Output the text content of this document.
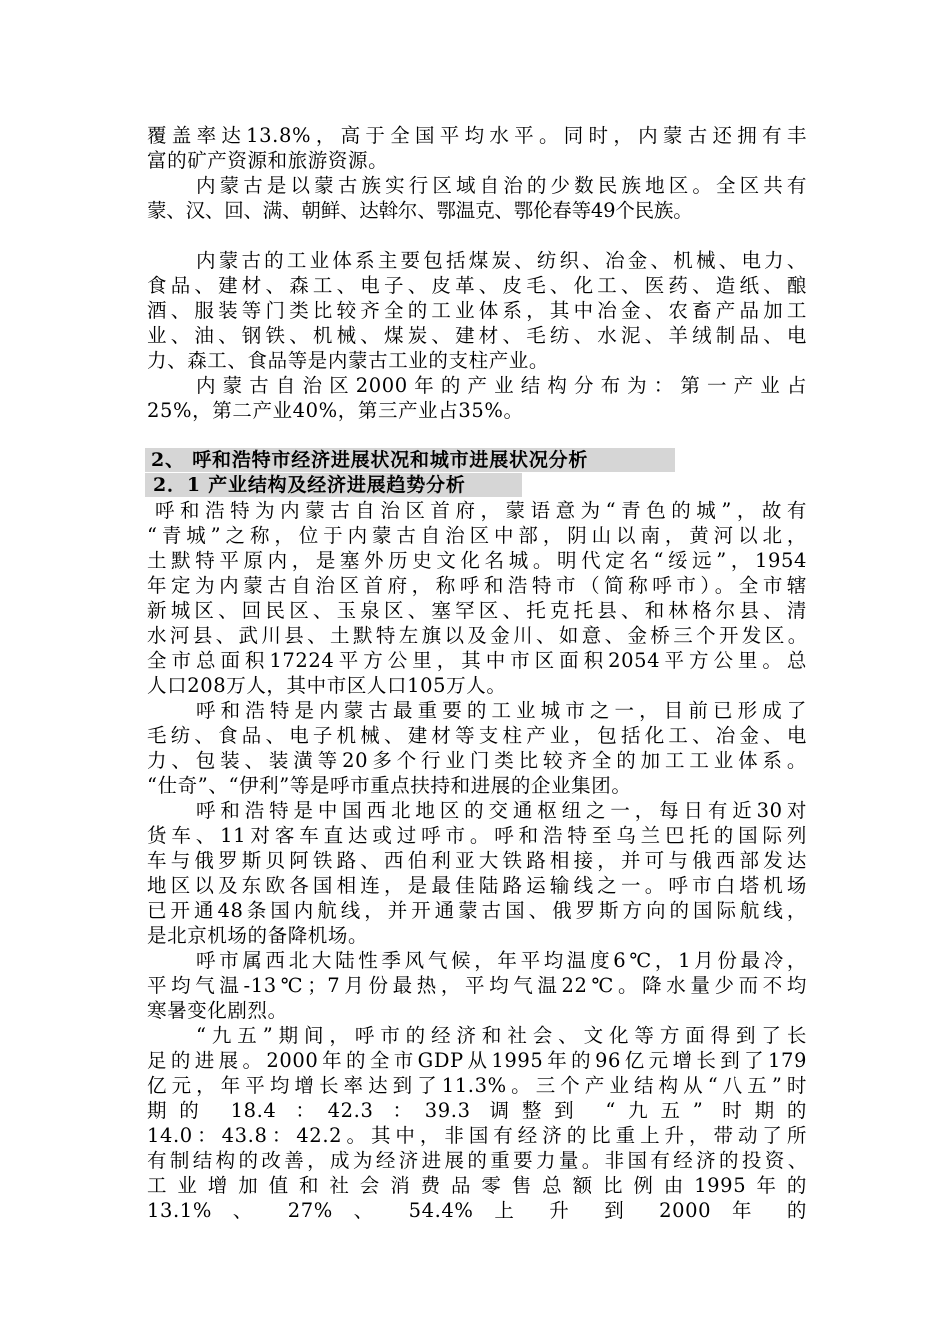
覆盖率达13.8%，高于全国平均水平。同时，内蒙古还拥有丰
富的矿产资源和旅游资源。
内蒙古是以蒙古族实行区域自治的少数民族地区。全区共有
蒙、汉、回、满、朝鲜、达斡尔、鄂温克、鄂伦春等49个民族。
内蒙古的工业体系主要包括煤炭、纺织、冶金、机械、电力、
食品、建材、森工、电子、皮革、皮毛、化工、医药、造纸、酿
酒、服装等门类比较齐全的工业体系，其中冶金、农畜产品加工
业、油、钢铁、机械、煤炭、建材、毛纺、水泥、羊绒制品、电
力、森工、食品等是内蒙古工业的支柱产业。
内蒙古自治区2000年的产业结构分布为：第一产业占
25%，第二产业40%，第三产业占35%。
2、 呼和浩特市经济进展状况和城市进展状况分析
2．1 产业结构及经济进展趋势分析
呼和浩特为内蒙古自治区首府，蒙语意为“青色的城”，故有
“青城”之称，位于内蒙古自治区中部，阴山以南，黄河以北，
土默特平原内，是塞外历史文化名城。明代定名“绥远”，1954
年定为内蒙古自治区首府，称呼和浩特市（简称呼市）。全市辖
新城区、回民区、玉泉区、塞罕区、托克托县、和林格尔县、清
水河县、武川县、土默特左旗以及金川、如意、金桥三个开发区。
全市总面积17224平方公里，其中市区面积2054平方公里。总
人口208万人，其中市区人口105万人。
呼和浩特是内蒙古最重要的工业城市之一，目前已形成了
毛纺、食品、电子机械、建材等支柱产业，包括化工、冶金、电
力、包装、装潢等20多个行业门类比较齐全的加工工业体系。
“仕奇”、“伊利”等是呼市重点扶持和进展的企业集团。
呼和浩特是中国西北地区的交通枢纽之一，每日有近30对
货车、11对客车直达或过呼市。呼和浩特至乌兰巴托的国际列
车与俄罗斯贝阿铁路、西伯利亚大铁路相接，并可与俄西部发达
地区以及东欧各国相连，是最佳陆路运输线之一。呼市白塔机场
已开通48条国内航线，并开通蒙古国、俄罗斯方向的国际航线，
是北京机场的备降机场。
呼市属西北大陆性季风气候，年平均温度6℃，1月份最冷，
平均气温-13℃；7月份最热，平均气温22℃。降水量少而不均
寒暑变化剧烈。
“九五”期间，呼市的经济和社会、文化等方面得到了长
足的进展。2000年的全市GDP从1995年的96亿元增长到了179
亿元，年平均增长率达到了11.3%。三个产业结构从“八五”时
期的 18.4 ：42.3 ：39.3 调整到 “九五” 时期的
14.0：43.8：42.2。其中，非国有经济的比重上升，带动了所
有制结构的改善，成为经济进展的重要力量。非国有经济的投资、
工业增加值和社会消费品零售总额比例由1995年的
13.1% 、 27% 、 54.4% 上 升 到 2000 年 的
